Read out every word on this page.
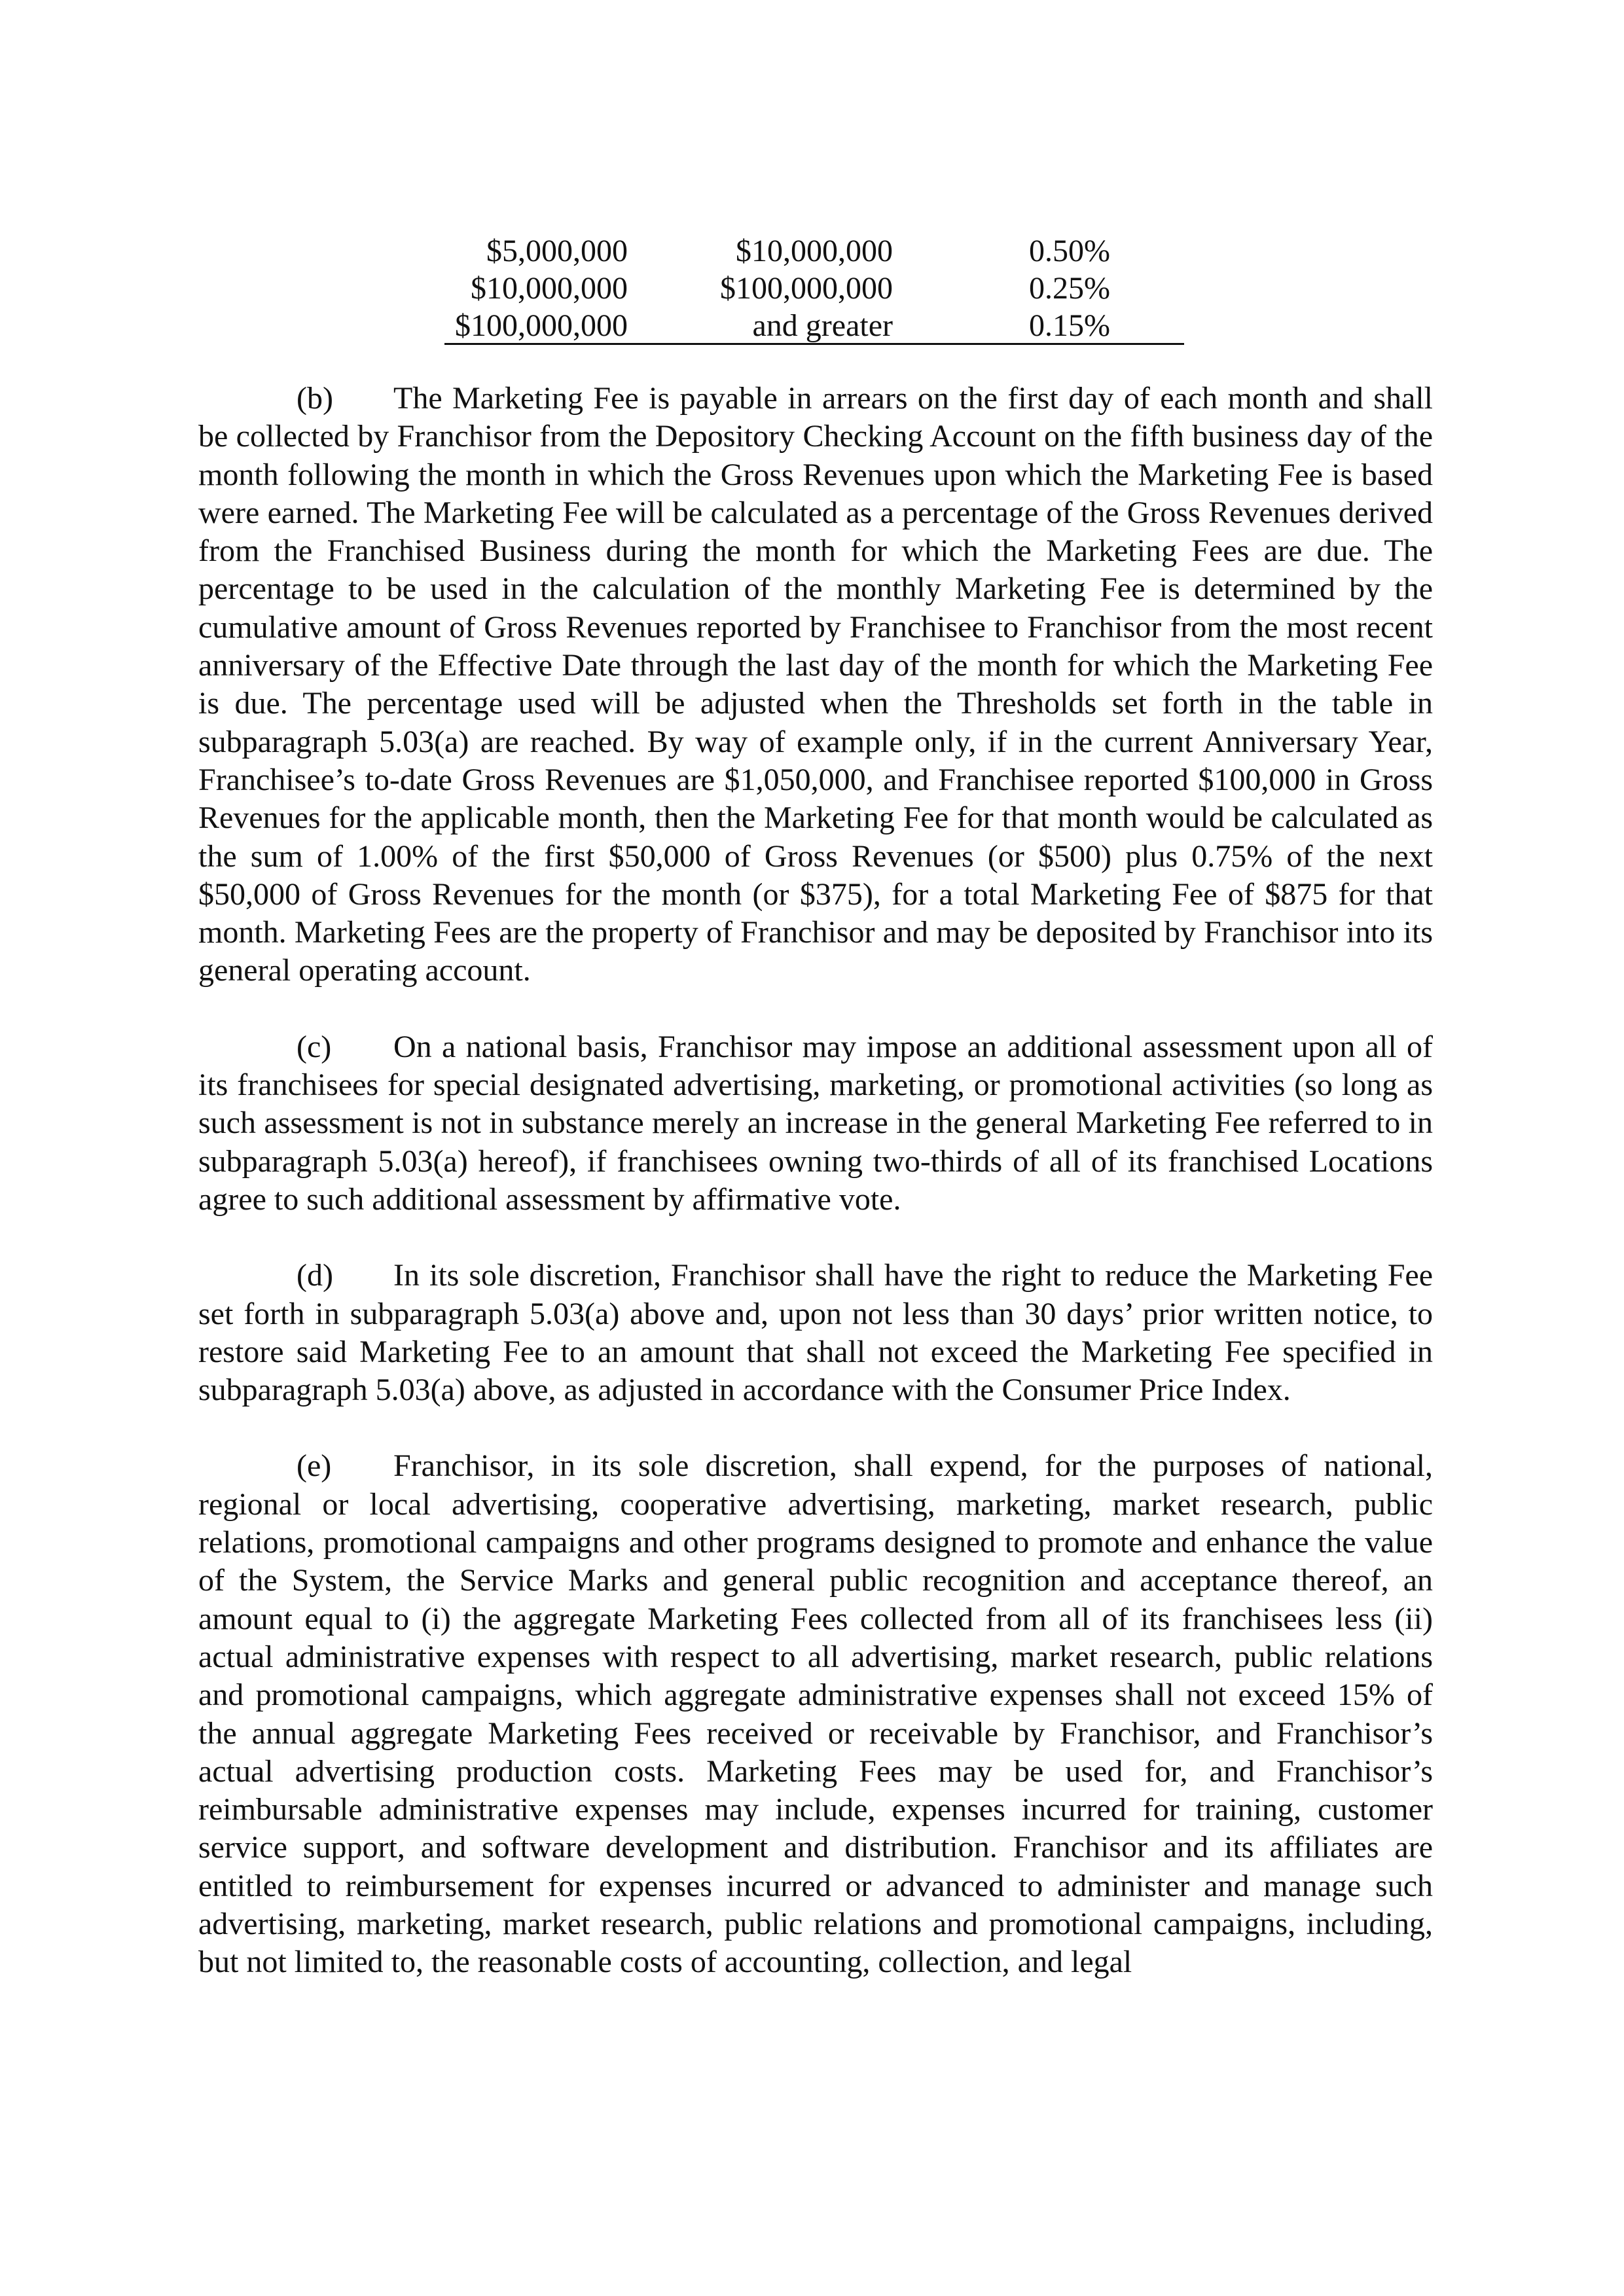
$5,000,000	$10,000,000	0.50%
$10,000,000	$100,000,000	0.25%
$100,000,000	and greater	0.15%

(b) The Marketing Fee is payable in arrears on the first day of each month and shall be collected by Franchisor from the Depository Checking Account on the fifth business day of the month following the month in which the Gross Revenues upon which the Marketing Fee is based were earned. The Marketing Fee will be calculated as a percentage of the Gross Revenues derived from the Franchised Business during the month for which the Marketing Fees are due. The percentage to be used in the calculation of the monthly Marketing Fee is determined by the cumulative amount of Gross Revenues reported by Franchisee to Franchisor from the most recent anniversary of the Effective Date through the last day of the month for which the Marketing Fee is due. The percentage used will be adjusted when the Thresholds set forth in the table in subparagraph 5.03(a) are reached. By way of example only, if in the current Anniversary Year, Franchisee’s to-date Gross Revenues are $1,050,000, and Franchisee reported $100,000 in Gross Revenues for the applicable month, then the Marketing Fee for that month would be calculated as the sum of 1.00% of the first $50,000 of Gross Revenues (or $500) plus 0.75% of the next $50,000 of Gross Revenues for the month (or $375), for a total Marketing Fee of $875 for that month. Marketing Fees are the property of Franchisor and may be deposited by Franchisor into its general operating account.

(c) On a national basis, Franchisor may impose an additional assessment upon all of its franchisees for special designated advertising, marketing, or promotional activities (so long as such assessment is not in substance merely an increase in the general Marketing Fee referred to in subparagraph 5.03(a) hereof), if franchisees owning two-thirds of all of its franchised Locations agree to such additional assessment by affirmative vote.

(d) In its sole discretion, Franchisor shall have the right to reduce the Marketing Fee set forth in subparagraph 5.03(a) above and, upon not less than 30 days’ prior written notice, to restore said Marketing Fee to an amount that shall not exceed the Marketing Fee specified in subparagraph 5.03(a) above, as adjusted in accordance with the Consumer Price Index.

(e) Franchisor, in its sole discretion, shall expend, for the purposes of national, regional or local advertising, cooperative advertising, marketing, market research, public relations, promotional campaigns and other programs designed to promote and enhance the value of the System, the Service Marks and general public recognition and acceptance thereof, an amount equal to (i) the aggregate Marketing Fees collected from all of its franchisees less (ii) actual administrative expenses with respect to all advertising, market research, public relations and promotional campaigns, which aggregate administrative expenses shall not exceed 15% of the annual aggregate Marketing Fees received or receivable by Franchisor, and Franchisor’s actual advertising production costs. Marketing Fees may be used for, and Franchisor’s reimbursable administrative expenses may include, expenses incurred for training, customer service support, and software development and distribution. Franchisor and its affiliates are entitled to reimbursement for expenses incurred or advanced to administer and manage such advertising, marketing, market research, public relations and promotional campaigns, including, but not limited to, the reasonable costs of accounting, collection, and legal
